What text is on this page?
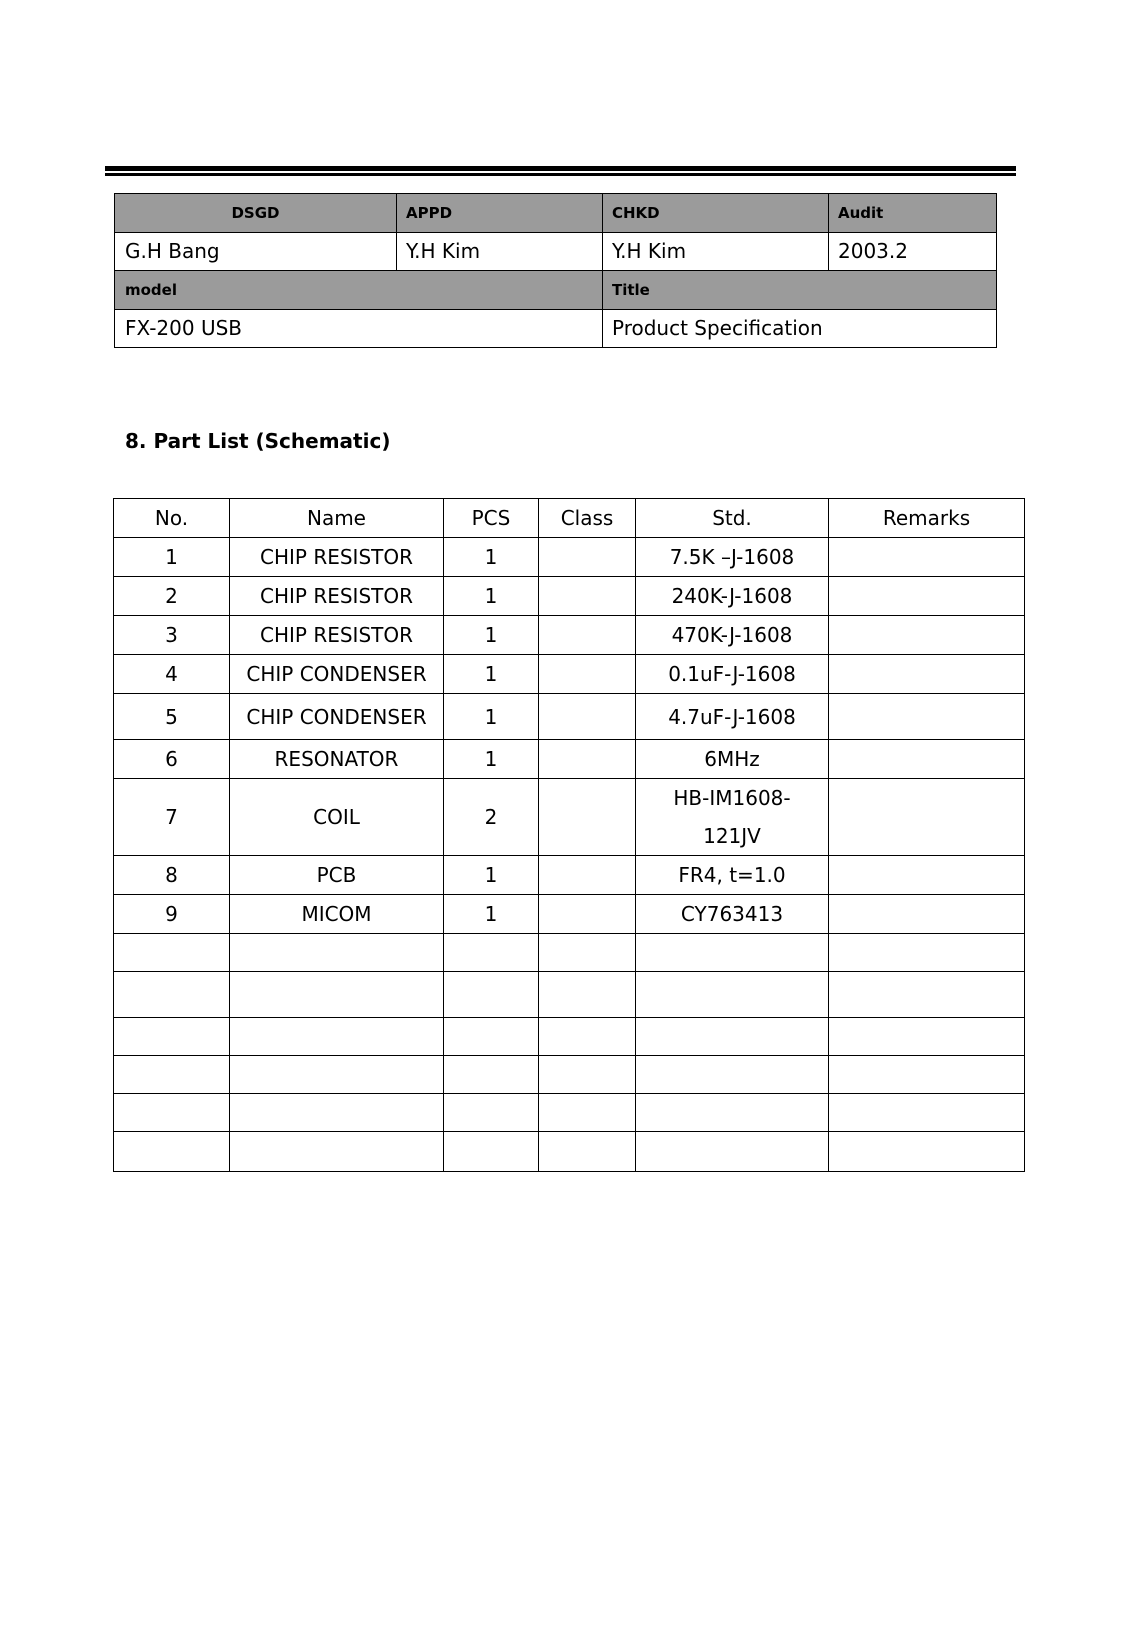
DSGD	APPD	CHKD	Audit
G.H Bang	Y.H Kim	Y.H Kim	2003.2
model	Title
FX-200 USB	Product Specification
8. Part List (Schematic)
No.	Name	PCS	Class	Std.	Remarks
1	CHIP RESISTOR	1		7.5K –J-1608	
2	CHIP RESISTOR	1		240K-J-1608	
3	CHIP RESISTOR	1		470K-J-1608	
4	CHIP CONDENSER	1		0.1uF-J-1608	
5	CHIP CONDENSER	1		4.7uF-J-1608	
6	RESONATOR	1		6MHz	
7	COIL	2		HB-IM1608-121JV	
8	PCB	1		FR4, t=1.0	
9	MICOM	1		CY763413	
